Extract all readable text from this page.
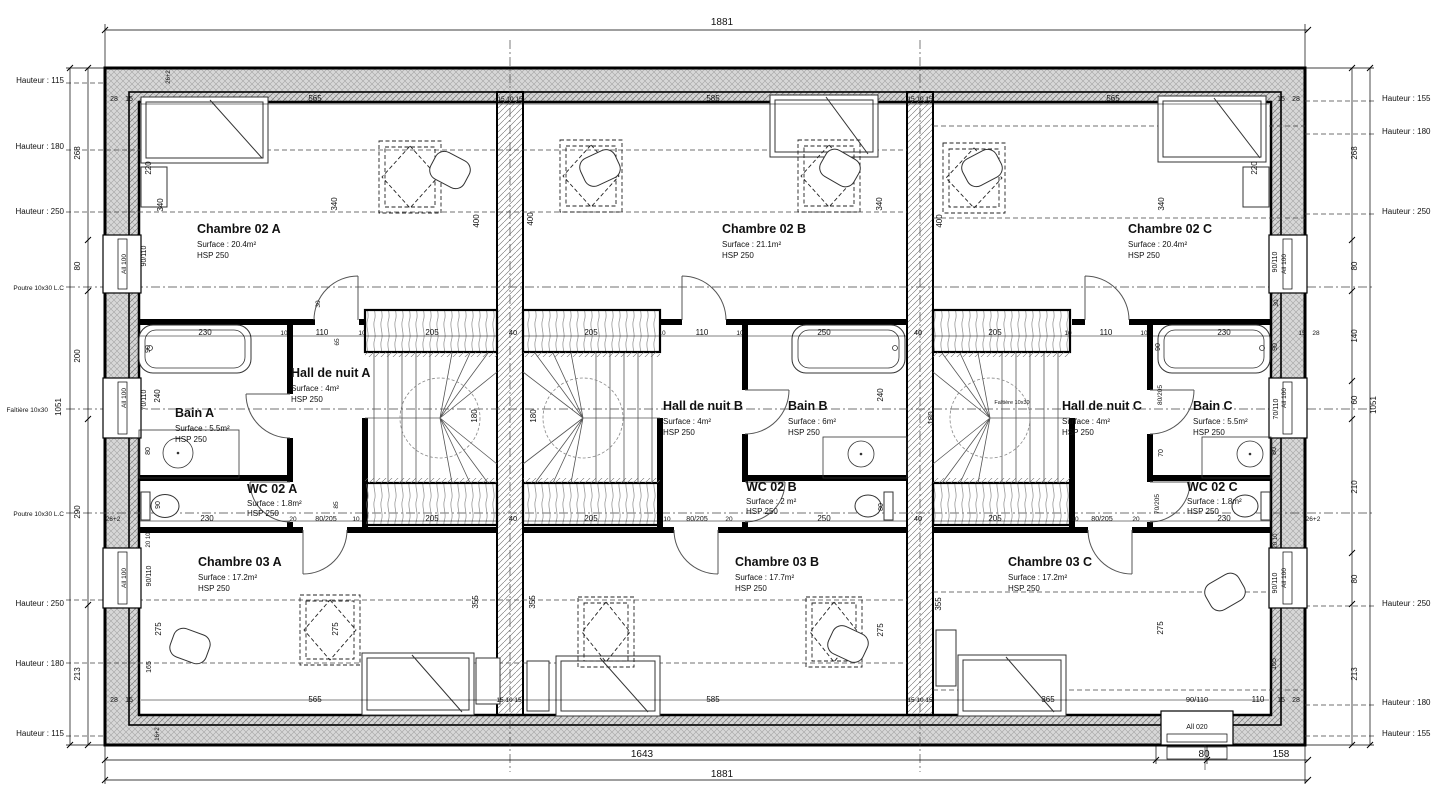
Chambre 02 A
Surface : 20.4m²
HSP 250
Chambre 02 B
Surface : 21.1m²
HSP 250
Chambre 02 C
Surface : 20.4m²
HSP 250
Hall de nuit A
Surface : 4m²
HSP 250	Hall de nuit B
Surface : 4m²
HSP 250
Hall de nuit C
Surface : 4m²
HSP 250
Bain A
Surface : 5.5m²
HSP 250
Bain B
Surface : 6m²
HSP 250
Bain C
Surface : 5.5m²
HSP 250
WC 02 A
Surface : 1.8m²
HSP 250
WC 02 B
Surface : 2 m²
HSP 250
WC 02 C
Surface : 1.8m²
HSP 250
Chambre 03 A
Surface : 17.2m²
HSP 250
Chambre 03 B
Surface : 17.7m²
HSP 250
Chambre 03 C
Surface : 17.2m²
HSP 250
1881
1643	80	158
1881
268
80
200
290
213
1051
268
80
140
60
210
80
213
1051
Hauteur : 115
Hauteur : 180
Hauteur : 250
Poutre 10x30 L.C
Faîtière 10x30
Poutre 10x30 L.C
Hauteur : 250
Hauteur : 180
Hauteur : 115
Hauteur : 155
Hauteur : 180
Hauteur : 250
Hauteur : 250
Hauteur : 180
Hauteur : 155
28 15	565	15 10 15	585	15 10 15	565	15 28
28 15	565	15 10 15	585	15 10 15	365	90/110	110 15 28
230	10	110	10	205	40	205	10	110	10	250	40	205	10	110	10	230	15 28
26+2	230	20	80/205 10	205	40	205	10 80/205	20	250	40	205	10 80/205	20	230	26+2
220
340	340
400	400
340
400
340
220
90/110	90/110
30	30
90	90	90
70/110 240	240
70/110
80	80
70
65
180	180	180
80/205
70/205
85
90	80
20 10	20 10
90/110	90/110
275	275	275	275
165	165
355	355	355
16+2
26+2
All 100
All 100
All 100
All 100
All 100
All 100
All 020
Faîtière 10x30
